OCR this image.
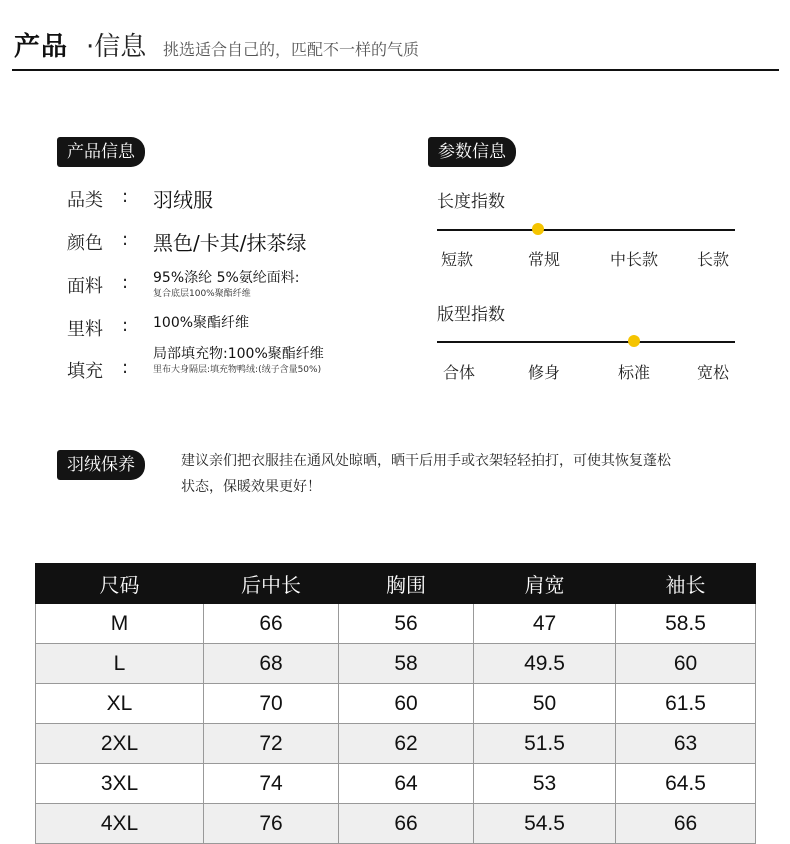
产品 ·信息 挑选适合自己的，匹配不一样的气质
产品信息
品类 : 羽绒服
颜色 : 黑色/卡其/抹茶绿
面料 : 95%涤纶 5%氨纶面料:
复合底层100%聚酯纤维
里料 : 100%聚酯纤维
填充 :
局部填充物:100%聚酯纤维
里布大身隔层:填充物鸭绒:(绒子含量50%)
参数信息
长度指数
短款	常规	中长款 长款
版型指数
合体	修身	标准	宽松
羽绒保养	建议亲们把衣服挂在通风处晾晒，晒干后用手或衣架轻轻拍打，可使其恢复蓬松
状态，保暖效果更好！
尺码	后中长	胸围	肩宽	袖长
M	66	56	47	58.5
L	68	58	49.5	60
XL	70	60	50	61.5
2XL	72	62	51.5	63
3XL	74	64	53	64.5
4XL	76	66	54.5	66
